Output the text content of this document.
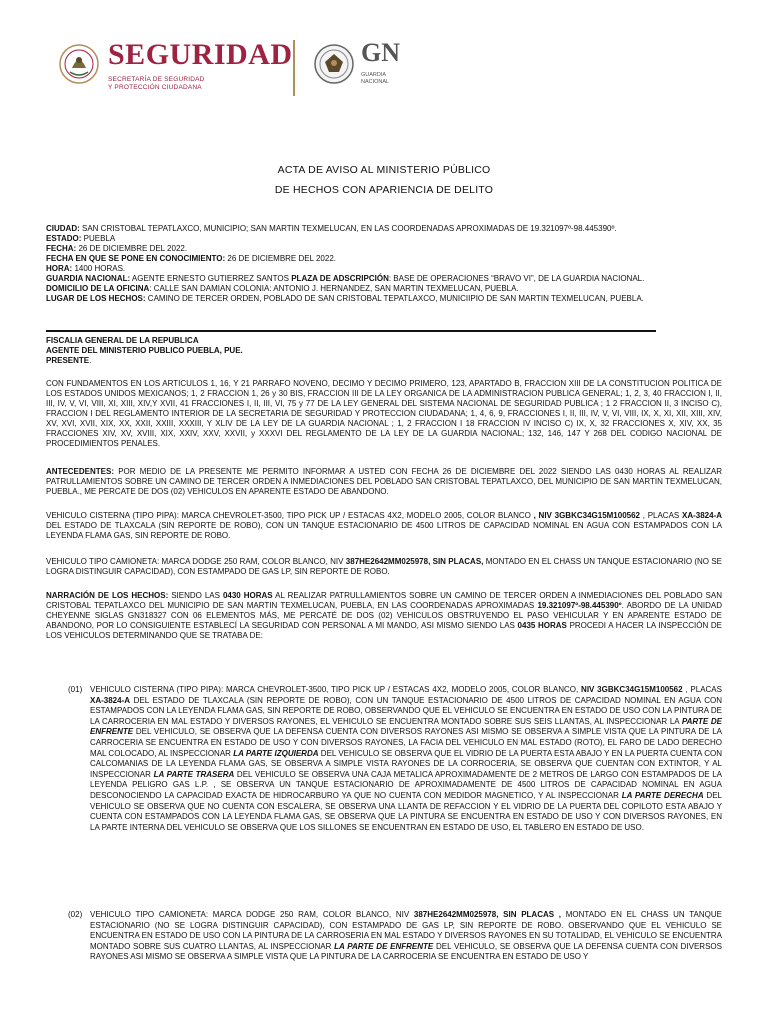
SEGURIDAD
SECRETARÍA DE SEGURIDAD
Y PROTECCIÓN CIUDADANA
GN
GUARDIA
NACIONAL
ACTA DE AVISO AL MINISTERIO PÚBLICO
DE HECHOS CON APARIENCIA DE DELITO
CIUDAD: SAN CRISTOBAL TEPATLAXCO, MUNICIPIO; SAN MARTIN TEXMELUCAN, EN LAS COORDENADAS APROXIMADAS DE 19.321097º-98.445390º.
ESTADO: PUEBLA
FECHA: 26 DE DICIEMBRE DEL 2022.
FECHA EN QUE SE PONE EN CONOCIMIENTO: 26 DE DICIEMBRE DEL 2022.
HORA: 1400 HORAS.
GUARDIA NACIONAL: AGENTE ERNESTO GUTIERREZ SANTOS PLAZA DE ADSCRIPCIÓN: BASE DE OPERACIONES “BRAVO VI”, DE LA GUARDIA NACIONAL.
DOMICILIO DE LA OFICINA: CALLE SAN DAMIAN COLONIA: ANTONIO J. HERNANDEZ, SAN MARTIN TEXMELUCAN, PUEBLA.
LUGAR DE LOS HECHOS: CAMINO DE TERCER ORDEN, POBLADO DE SAN CRISTOBAL TEPATLAXCO, MUNICIIPIO DE SAN MARTIN TEXMELUCAN, PUEBLA.
FISCALIA GENERAL DE LA REPUBLICA
AGENTE DEL MINISTERIO PUBLICO PUEBLA, PUE.
PRESENTE.
CON FUNDAMENTOS EN LOS ARTICULOS 1, 16, Y 21 PARRAFO NOVENO, DECIMO Y DECIMO PRIMERO, 123, APARTADO B, FRACCION XIII DE LA CONSTITUCION POLITICA DE LOS ESTADOS UNIDOS MEXICANOS; 1, 2 FRACCION 1, 26 y 30 BIS, FRACCION III DE LA LEY ORGANICA DE LA ADMINISTRACION PUBLICA GENERAL; 1, 2, 3, 40 FRACCION I, II, III, IV, V, VI, VIII, XI, XIII, XIV,Y XVII, 41 FRACCIONES I, II, III, VI, 75 y 77 DE LA LEY GENERAL DEL SISTEMA NACIONAL DE SEGURIDAD PUBLICA ; 1 2 FRACCION II, 3 INCISO C), FRACCION I DEL REGLAMENTO INTERIOR DE LA SECRETARIA DE SEGURIDAD Y PROTECCION CIUDADANA; 1, 4, 6, 9, FRACCIONES I, II, III, IV, V, VI, VIII, IX, X, XI, XII, XIII, XIV, XV, XVI, XVII, XIX, XX, XXII, XXIII, XXXIII, Y XLIV DE LA LEY DE LA GUARDIA NACIONAL ; 1, 2 FRACCION I 18 FRACCION IV INCISO C) IX, X, 32 FRACCIONES X, XIV, XX, 35 FRACCIONES XIV, XV, XVIII, XIX, XXIV, XXV, XXVII, y XXXVI DEL REGLAMENTO DE LA LEY DE LA GUARDIA NACIONAL; 132, 146, 147 Y 268 DEL CODIGO NACIONAL DE PROCEDIMIENTOS PENALES.
ANTECEDENTES: POR MEDIO DE LA PRESENTE ME PERMITO INFORMAR A USTED CON FECHA 26 DE DICIEMBRE DEL 2022 SIENDO LAS 0430 HORAS AL REALIZAR PATRULLAMIENTOS SOBRE UN CAMINO DE TERCER ORDEN A INMEDIACIONES DEL POBLADO SAN CRISTOBAL TEPATLAXCO, DEL MUNICIPIO DE SAN MARTIN TEXMELUCAN, PUEBLA., ME PERCATE DE DOS (02) VEHICULOS EN APARENTE ESTADO DE ABANDONO.
VEHICULO CISTERNA (TIPO PIPA): MARCA CHEVROLET-3500, TIPO PICK UP / ESTACAS 4X2, MODELO 2005, COLOR BLANCO , NIV 3GBKC34G15M100562 , PLACAS XA-3824-A DEL ESTADO DE TLAXCALA (SIN REPORTE DE ROBO), CON UN TANQUE ESTACIONARIO DE 4500 LITROS DE CAPACIDAD NOMINAL EN AGUA CON ESTAMPADOS CON LA LEYENDA FLAMA GAS, SIN REPORTE DE ROBO.
VEHICULO TIPO CAMIONETA: MARCA DODGE 250 RAM, COLOR BLANCO, NIV 387HE2642MM025978, SIN PLACAS, MONTADO EN EL CHASS UN TANQUE ESTACIONARIO (NO SE LOGRA DISTINGUIR CAPACIDAD), CON ESTAMPADO DE GAS LP, SIN REPORTE DE ROBO.
NARRACIÓN DE LOS HECHOS: SIENDO LAS 0430 HORAS AL REALIZAR PATRULLAMIENTOS SOBRE UN CAMINO DE TERCER ORDEN A INMEDIACIONES DEL POBLADO SAN CRISTOBAL TEPATLAXCO DEL MUNICIPIO DE SAN MARTIN TEXMELUCAN, PUEBLA, EN LAS COORDENADAS APROXIMADAS 19.321097º-98.445390º. ABORDO DE LA UNIDAD CHEYENNE SIGLAS GN318327 CON 06 ELEMENTOS MÁS, ME PERCATÉ DE DOS (02) VEHICULOS OBSTRUYENDO EL PASO VEHICULAR Y EN APARENTE ESTADO DE ABANDONO, POR LO CONSIGUIENTE ESTABLECÍ LA SEGURIDAD CON PERSONAL A MI MANDO, ASI MISMO SIENDO LAS 0435 HORAS PROCEDI A HACER LA INSPECCIÓN DE LOS VEHICULOS DETERMINANDO QUE SE TRATABA DE:
(01) VEHICULO CISTERNA (TIPO PIPA): MARCA CHEVROLET-3500, TIPO PICK UP / ESTACAS 4X2, MODELO 2005, COLOR BLANCO, NIV 3GBKC34G15M100562 , PLACAS XA-3824-A DEL ESTADO DE TLAXCALA (SIN REPORTE DE ROBO), CON UN TANQUE ESTACIONARIO DE 4500 LITROS DE CAPACIDAD NOMINAL EN AGUA CON ESTAMPADOS CON LA LEYENDA FLAMA GAS, SIN REPORTE DE ROBO, OBSERVANDO QUE EL VEHICULO SE ENCUENTRA EN ESTADO DE USO CON LA PINTURA DE LA CARROCERIA EN MAL ESTADO Y DIVERSOS RAYONES, EL VEHICULO SE ENCUENTRA MONTADO SOBRE SUS SEIS LLANTAS, AL INSPECCIONAR LA PARTE DE ENFRENTE DEL VEHICULO, SE OBSERVA QUE LA DEFENSA CUENTA CON DIVERSOS RAYONES ASI MISMO SE OBSERVA A SIMPLE VISTA QUE LA PINTURA DE LA CARROCERIA SE ENCUENTRA EN ESTADO DE USO Y CON DIVERSOS RAYONES, LA FACIA DEL VEHICULO EN MAL ESTADO (ROTO), EL FARO DE LADO DERECHO MAL COLOCADO, AL INSPECCIONAR LA PARTE IZQUIERDA DEL VEHICULO SE OBSERVA QUE EL VIDRIO DE LA PUERTA ESTA ABAJO Y EN LA PUERTA CUENTA CON CALCOMANIAS DE LA LEYENDA FLAMA GAS, SE OBSERVA A SIMPLE VISTA RAYONES DE LA CORROCERIA, SE OBSERVA QUE CUENTAN CON EXTINTOR, Y AL INSPECCIONAR LA PARTE TRASERA DEL VEHICULO SE OBSERVA UNA CAJA METALICA APROXIMADAMENTE DE 2 METROS DE LARGO CON ESTAMPADOS DE LA LEYENDA PELIGRO GAS L.P. , SE OBSERVA UN TANQUE ESTACIONARIO DE APROXIMADAMENTE DE 4500 LITROS DE CAPACIDAD NOMINAL EN AGUA DESCONOCIENDO LA CAPACIDAD EXACTA DE HIDROCARBURO YA QUE NO CUENTA CON MEDIDOR MAGNETICO, Y AL INSPECCIONAR LA PARTE DERECHA DEL VEHICULO SE OBSERVA QUE NO CUENTA CON ESCALERA, SE OBSERVA UNA LLANTA DE REFACCION Y EL VIDRIO DE LA PUERTA DEL COPILOTO ESTA ABAJO Y CUENTA CON ESTAMPADOS CON LA LEYENDA FLAMA GAS, SE OBSERVA QUE LA PINTURA SE ENCUENTRA EN ESTADO DE USO Y CON DIVERSOS RAYONES, EN LA PARTE INTERNA DEL VEHICULO SE OBSERVA QUE LOS SILLONES SE ENCUENTRAN EN ESTADO DE USO, EL TABLERO EN ESTADO DE USO.
(02) VEHICULO TIPO CAMIONETA: MARCA DODGE 250 RAM, COLOR BLANCO, NIV 387HE2642MM025978, SIN PLACAS , MONTADO EN EL CHASS UN TANQUE ESTACIONARIO (NO SE LOGRA DISTINGUIR CAPACIDAD), CON ESTAMPADO DE GAS LP, SIN REPORTE DE ROBO. OBSERVANDO QUE EL VEHICULO SE ENCUENTRA EN ESTADO DE USO CON LA PINTURA DE LA CARROSERIA EN MAL ESTADO Y DIVERSOS RAYONES EN SU TOTALIDAD, EL VEHICULO SE ENCUENTRA MONTADO SOBRE SUS CUATRO LLANTAS, AL INSPECCIONAR LA PARTE DE ENFRENTE DEL VEHICULO, SE OBSERVA QUE LA DEFENSA CUENTA CON DIVERSOS RAYONES ASI MISMO SE OBSERVA A SIMPLE VISTA QUE LA PINTURA DE LA CARROCERIA SE ENCUENTRA EN ESTADO DE USO Y
